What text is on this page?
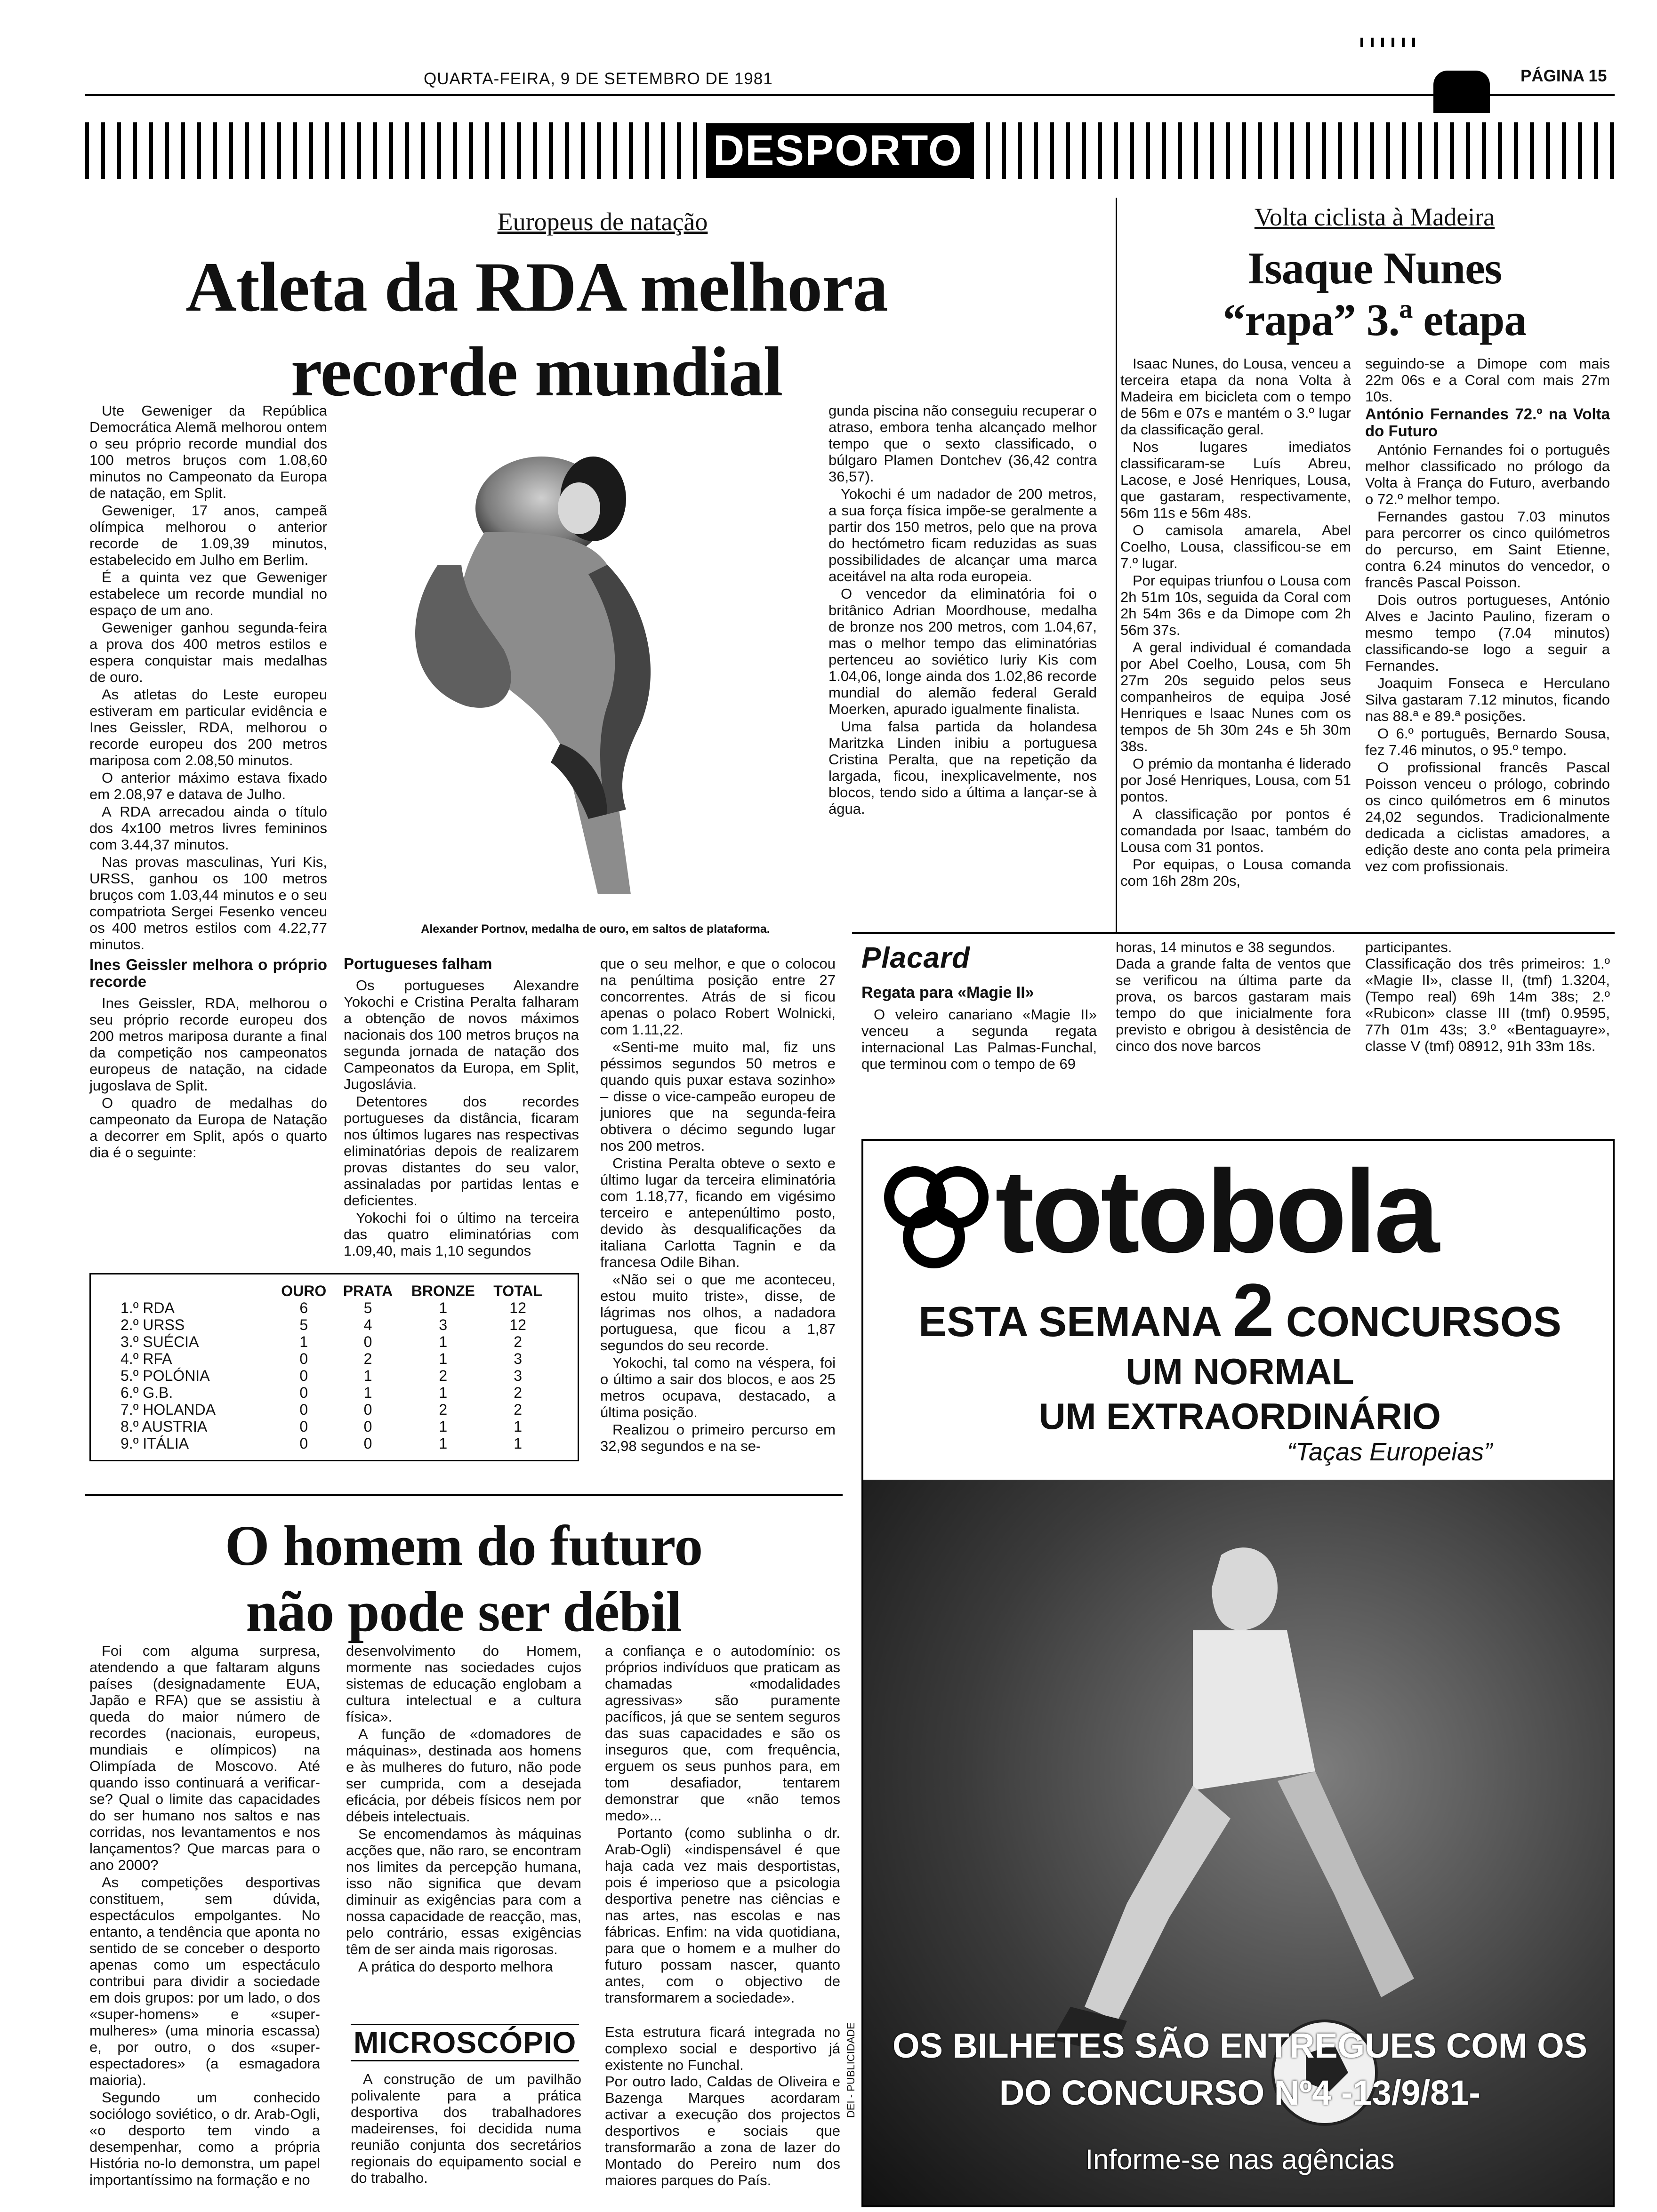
QUARTA-FEIRA, 9 DE SETEMBRO DE 1981	PÁGINA 15
DESPORTO
Europeus de natação
Atleta da RDA melhora
recorde mundial

Ute Geweniger da República Democrática Alemã melhorou ontem o seu próprio recorde mundial dos 100 metros bruços com 1.08,60 minutos no Campeonato da Europa de natação, em Split.

Geweniger, 17 anos, campeã olímpica melhorou o anterior recorde de 1.09,39 minutos, estabelecido em Julho em Berlim.

É a quinta vez que Geweniger estabelece um recorde mundial no espaço de um ano.

Geweniger ganhou segunda-feira a prova dos 400 metros estilos e espera conquistar mais medalhas de ouro.

As atletas do Leste europeu estiveram em particular evidência e Ines Geissler, RDA, melhorou o recorde europeu dos 200 metros mariposa com 2.08,50 minutos.

O anterior máximo estava fixado em 2.08,97 e datava de Julho.

A RDA arrecadou ainda o título dos 4x100 metros livres femininos com 3.44,37 minutos.

Nas provas masculinas, Yuri Kis, URSS, ganhou os 100 metros bruços com 1.03,44 minutos e o seu compatriota Sergei Fesenko venceu os 400 metros estilos com 4.22,77 minutos.

Ines Geissler melhora o próprio recorde

Ines Geissler, RDA, melhorou o seu próprio recorde europeu dos 200 metros mariposa durante a final da competição nos campeonatos europeus de natação, na cidade jugoslava de Split.

O quadro de medalhas do campeonato da Europa de Natação a decorrer em Split, após o quarto dia é o seguinte:

Alexander Portnov, medalha de ouro, em saltos de plataforma.

gunda piscina não conseguiu recuperar o atraso, embora tenha alcançado melhor tempo que o sexto classificado, o búlgaro Plamen Dontchev (36,42 contra 36,57).

Yokochi é um nadador de 200 metros, a sua força física impõe-se geralmente a partir dos 150 metros, pelo que na prova do hectómetro ficam reduzidas as suas possibilidades de alcançar uma marca aceitável na alta roda europeia.

O vencedor da eliminatória foi o britânico Adrian Moordhouse, medalha de bronze nos 200 metros, com 1.04,67, mas o melhor tempo das eliminatórias pertenceu ao soviético Iuriy Kis com 1.04,06, longe ainda dos 1.02,86 recorde mundial do alemão federal Gerald Moerken, apurado igualmente finalista.

Uma falsa partida da holandesa Maritzka Linden inibiu a portuguesa Cristina Peralta, que na repetição da largada, ficou, inexplicavelmente, nos blocos, tendo sido a última a lançar-se à água.

Portugueses falham

Os portugueses Alexandre Yokochi e Cristina Peralta falharam a obtenção de novos máximos nacionais dos 100 metros bruços na segunda jornada de natação dos Campeonatos da Europa, em Split, Jugoslávia.

Detentores dos recordes portugueses da distância, ficaram nos últimos lugares nas respectivas eliminatórias depois de realizarem provas distantes do seu valor, assinaladas por partidas lentas e deficientes.

Yokochi foi o último na terceira das quatro eliminatórias com 1.09,40, mais 1,10 segundos

que o seu melhor, e que o colocou na penúltima posição entre 27 concorrentes. Atrás de si ficou apenas o polaco Robert Wolnicki, com 1.11,22.

«Senti-me muito mal, fiz uns péssimos segundos 50 metros e quando quis puxar estava sozinho» – disse o vice-campeão europeu de juniores que na segunda-feira obtivera o décimo segundo lugar nos 200 metros.

Cristina Peralta obteve o sexto e último lugar da terceira eliminatória com 1.18,77, ficando em vigésimo terceiro e antepenúltimo posto, devido às desqualificações da italiana Carlotta Tagnin e da francesa Odile Bihan.

«Não sei o que me aconteceu, estou muito triste», disse, de lágrimas nos olhos, a nadadora portuguesa, que ficou a 1,87 segundos do seu recorde.

Yokochi, tal como na véspera, foi o último a sair dos blocos, e aos 25 metros ocupava, destacado, a última posição.

Realizou o primeiro percurso em 32,98 segundos e na se-

	OURO	PRATA	BRONZE	TOTAL
1.º RDA	6	5	1	12
2.º URSS	5	4	3	12
3.º SUÉCIA	1	0	1	2
4.º RFA	0	2	1	3
5.º POLÓNIA	0	1	2	3
6.º G.B.	0	1	1	2
7.º HOLANDA	0	0	2	2
8.º AUSTRIA	0	0	1	1
9.º ITÁLIA	0	0	1	1
Volta ciclista à Madeira
Isaque Nunes
“rapa” 3.ª etapa

Isaac Nunes, do Lousa, venceu a terceira etapa da nona Volta à Madeira em bicicleta com o tempo de 56m e 07s e mantém o 3.º lugar da classificação geral.

Nos lugares imediatos classificaram-se Luís Abreu, Lacose, e José Henriques, Lousa, que gastaram, respectivamente, 56m 11s e 56m 48s.

O camisola amarela, Abel Coelho, Lousa, classificou-se em 7.º lugar.

Por equipas triunfou o Lousa com 2h 51m 10s, seguida da Coral com 2h 54m 36s e da Dimope com 2h 56m 37s.

A geral individual é comandada por Abel Coelho, Lousa, com 5h 27m 20s seguido pelos seus companheiros de equipa José Henriques e Isaac Nunes com os tempos de 5h 30m 24s e 5h 30m 38s.

O prémio da montanha é liderado por José Henriques, Lousa, com 51 pontos.

A classificação por pontos é comandada por Isaac, também do Lousa com 31 pontos.

Por equipas, o Lousa comanda com 16h 28m 20s,

seguindo-se a Dimope com mais 22m 06s e a Coral com mais 27m 10s.

António Fernandes 72.º na Volta do Futuro

António Fernandes foi o português melhor classificado no prólogo da Volta à França do Futuro, averbando o 72.º melhor tempo.

Fernandes gastou 7.03 minutos para percorrer os cinco quilómetros do percurso, em Saint Etienne, contra 6.24 minutos do vencedor, o francês Pascal Poisson.

Dois outros portugueses, António Alves e Jacinto Paulino, fizeram o mesmo tempo (7.04 minutos) classificando-se logo a seguir a Fernandes.

Joaquim Fonseca e Herculano Silva gastaram 7.12 minutos, ficando nas 88.ª e 89.ª posições.

O 6.º português, Bernardo Sousa, fez 7.46 minutos, o 95.º tempo.

O profissional francês Pascal Poisson venceu o prólogo, cobrindo os cinco quilómetros em 6 minutos 24,02 segundos. Tradicionalmente dedicada a ciclistas amadores, a edição deste ano conta pela primeira vez com profissionais.

Placard
Regata para «Magie II»
O veleiro canariano «Magie II» venceu a segunda regata internacional Las Palmas-Funchal, que terminou com o tempo de 69
horas, 14 minutos e 38 segundos.
Dada a grande falta de ventos que se verificou na última parte da prova, os barcos gastaram mais tempo do que inicialmente fora previsto e obrigou à desistência de cinco dos nove barcos
participantes.
Classificação dos três primeiros: 1.º «Magie II», classe II, (tmf) 1.3204, (Tempo real) 69h 14m 38s; 2.º «Rubicon» classe III (tmf) 0.9595, 77h 01m 43s; 3.º «Bentaguayre», classe V (tmf) 08912, 91h 33m 18s.
O homem do futuro
não pode ser débil

Foi com alguma surpresa, atendendo a que faltaram alguns países (designadamente EUA, Japão e RFA) que se assistiu à queda do maior número de recordes (nacionais, europeus, mundiais e olímpicos) na Olimpíada de Moscovo. Até quando isso continuará a verificar-se? Qual o limite das capacidades do ser humano nos saltos e nas corridas, nos levantamentos e nos lançamentos? Que marcas para o ano 2000?

As competições desportivas constituem, sem dúvida, espectáculos empolgantes. No entanto, a tendência que aponta no sentido de se conceber o desporto apenas como um espectáculo contribui para dividir a sociedade em dois grupos: por um lado, o dos «super-homens» e «super-mulheres» (uma minoria escassa) e, por outro, o dos «super-espectadores» (a esmagadora maioria).

Segundo um conhecido sociólogo soviético, o dr. Arab-Ogli, «o desporto tem vindo a desempenhar, como a própria História no-lo demonstra, um papel importantíssimo na formação e no

desenvolvimento do Homem, mormente nas sociedades cujos sistemas de educação englobam a cultura intelectual e a cultura física».

A função de «domadores de máquinas», destinada aos homens e às mulheres do futuro, não pode ser cumprida, com a desejada eficácia, por débeis físicos nem por débeis intelectuais.

Se encomendamos às máquinas acções que, não raro, se encontram nos limites da percepção humana, isso não significa que devam diminuir as exigências para com a nossa capacidade de reacção, mas, pelo contrário, essas exigências têm de ser ainda mais rigorosas.

A prática do desporto melhora

a confiança e o autodomínio: os próprios indivíduos que praticam as chamadas «modalidades agressivas» são puramente pacíficos, já que se sentem seguros das suas capacidades e são os inseguros que, com frequência, erguem os seus punhos para, em tom desafiador, tentarem demonstrar que «não temos medo»...

Portanto (como sublinha o dr. Arab-Ogli) «indispensável é que haja cada vez mais desportistas, pois é imperioso que a psicologia desportiva penetre nas ciências e nas artes, nas escolas e nas fábricas. Enfim: na vida quotidiana, para que o homem e a mulher do futuro possam nascer, quanto antes, com o objectivo de transformarem a sociedade».

MICROSCÓPIO
A construção de um pavilhão polivalente para a prática desportiva dos trabalhadores madeirenses, foi decidida numa reunião conjunta dos secretários regionais do equipamento social e do trabalho.
Esta estrutura ficará integrada no complexo social e desportivo já existente no Funchal.
Por outro lado, Caldas de Oliveira e Bazenga Marques acordaram activar a execução dos projectos desportivos e sociais que transformarão a zona de lazer do Montado do Pereiro num dos maiores parques do País.
totobola
ESTA SEMANA 2 CONCURSOS
UM NORMAL
UM EXTRAORDINÁRIO
“Taças Europeias”
OS BILHETES SÃO ENTREGUES COM OS
DO CONCURSO Nº4 -13/9/81-
Informe-se nas agências
DEI - PUBLICIDADE
